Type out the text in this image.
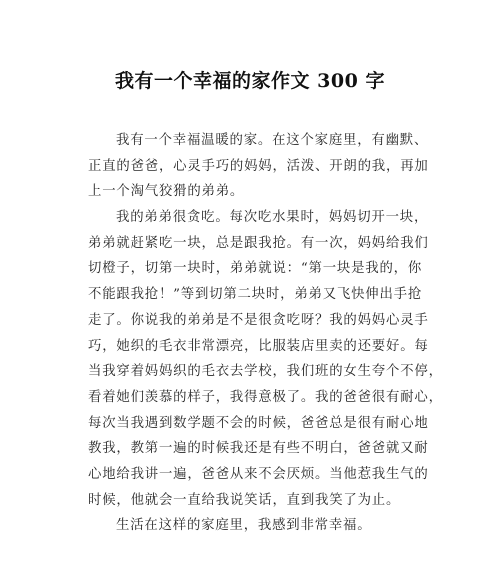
我有一个幸福的家作文 300 字
我有一个幸福温暖的家。在这个家庭里，有幽默、
正直的爸爸，心灵手巧的妈妈，活泼、开朗的我，再加
上一个淘气狡猾的弟弟。
我的弟弟很贪吃。每次吃水果时，妈妈切开一块，
弟弟就赶紧吃一块，总是跟我抢。有一次，妈妈给我们
切橙子，切第一块时，弟弟就说：“第一块是我的，你
不能跟我抢！”等到切第二块时，弟弟又飞快伸出手抢
走了。你说我的弟弟是不是很贪吃呀？我的妈妈心灵手
巧，她织的毛衣非常漂亮，比服装店里卖的还要好。每
当我穿着妈妈织的毛衣去学校，我们班的女生夸个不停，
看着她们羡慕的样子，我得意极了。我的爸爸很有耐心，
每次当我遇到数学题不会的时候，爸爸总是很有耐心地
教我，教第一遍的时候我还是有些不明白，爸爸就又耐
心地给我讲一遍，爸爸从来不会厌烦。当他惹我生气的
时候，他就会一直给我说笑话，直到我笑了为止。
生活在这样的家庭里，我感到非常幸福。
